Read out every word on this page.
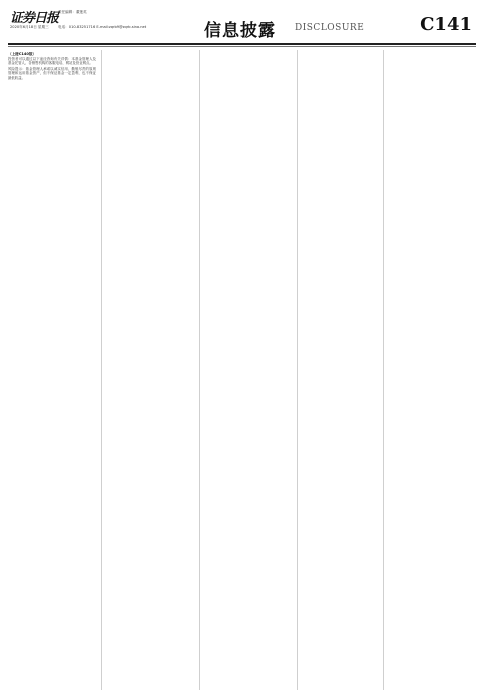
证券日报 责任编辑：董莲英
2020年6月18日 星期三	电话：010-83251716 E-mail:zqrb9@zqrb.sina.net	信息披露 DISCLOSURE	C141
（上接C140版）

投资者可以通过以下途径咨询有关详情：本基金管理人及基金托管人、各销售机构的客服电话、网站及营业网点。

风险提示：基金管理人承诺以诚实信用、勤勉尽责的原则管理和运用基金资产，但不保证基金一定盈利，也不保证最低收益。
